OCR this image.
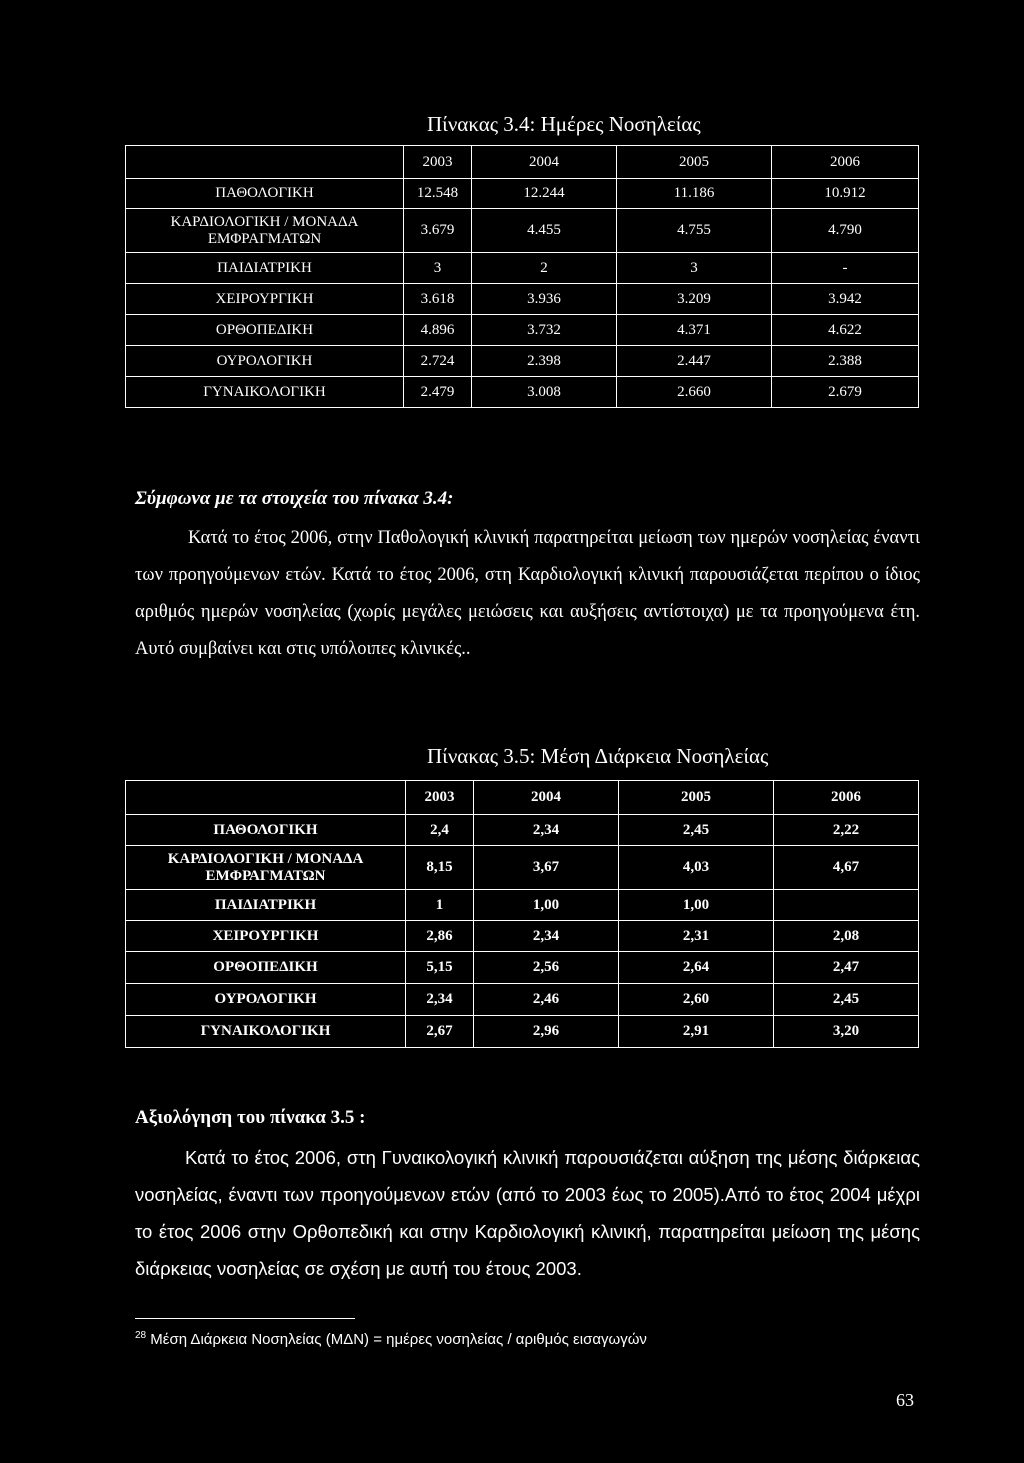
Πίνακας 3.4: Ημέρες Νοσηλείας
	2003	2004	2005	2006
ΠΑΘΟΛΟΓΙΚΗ	12.548	12.244	11.186	10.912
ΚΑΡΔΙΟΛΟΓΙΚΗ / ΜΟΝΑΔΑ ΕΜΦΡΑΓΜΑΤΩΝ	3.679	4.455	4.755	4.790
ΠΑΙΔΙΑΤΡΙΚΗ	3	2	3	-
ΧΕΙΡΟΥΡΓΙΚΗ	3.618	3.936	3.209	3.942
ΟΡΘΟΠΕΔΙΚΗ	4.896	3.732	4.371	4.622
ΟΥΡΟΛΟΓΙΚΗ	2.724	2.398	2.447	2.388
ΓΥΝΑΙΚΟΛΟΓΙΚΗ	2.479	3.008	2.660	2.679
Σύμφωνα με τα στοιχεία του πίνακα 3.4:
Κατά το έτος 2006, στην Παθολογική κλινική παρατηρείται μείωση των ημερών νοσηλείας έναντι των προηγούμενων ετών. Κατά το έτος 2006, στη Καρδιολογική κλινική παρουσιάζεται περίπου ο ίδιος αριθμός ημερών νοσηλείας (χωρίς μεγάλες μειώσεις και αυξήσεις αντίστοιχα) με τα προηγούμενα έτη. Αυτό συμβαίνει και στις υπόλοιπες κλινικές..
Πίνακας 3.5: Μέση Διάρκεια Νοσηλείας
	2003	2004	2005	2006
ΠΑΘΟΛΟΓΙΚΗ	2,4	2,34	2,45	2,22
ΚΑΡΔΙΟΛΟΓΙΚΗ / ΜΟΝΑΔΑ ΕΜΦΡΑΓΜΑΤΩΝ	8,15	3,67	4,03	4,67
ΠΑΙΔΙΑΤΡΙΚΗ	1	1,00	1,00	
ΧΕΙΡΟΥΡΓΙΚΗ	2,86	2,34	2,31	2,08
ΟΡΘΟΠΕΔΙΚΗ	5,15	2,56	2,64	2,47
ΟΥΡΟΛΟΓΙΚΗ	2,34	2,46	2,60	2,45
ΓΥΝΑΙΚΟΛΟΓΙΚΗ	2,67	2,96	2,91	3,20
Αξιολόγηση του πίνακα 3.5 :
Κατά το έτος 2006, στη Γυναικολογική κλινική παρουσιάζεται αύξηση της μέσης διάρκειας νοσηλείας, έναντι των προηγούμενων ετών (από το 2003 έως το 2005).Από το έτος 2004 μέχρι το έτος 2006 στην Ορθοπεδική και στην Καρδιολογική κλινική, παρατηρείται μείωση της μέσης διάρκειας νοσηλείας σε σχέση με αυτή του έτους 2003.
$^{28}$ Μέση Διάρκεια Νοσηλείας (ΜΔΝ) = ημέρες νοσηλείας / αριθμός εισαγωγών
63
